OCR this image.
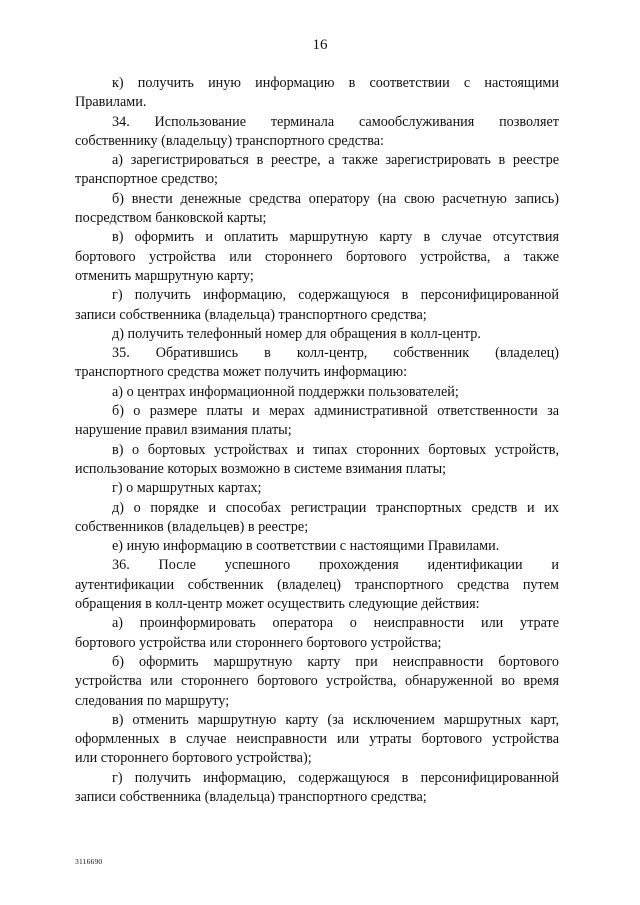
16
к) получить иную информацию в соответствии с настоящими
Правилами.
34. Использование терминала самообслуживания позволяет
собственнику (владельцу) транспортного средства:
а) зарегистрироваться в реестре, а также зарегистрировать в реестре
транспортное средство;
б) внести денежные средства оператору (на свою расчетную запись)
посредством банковской карты;
в) оформить и оплатить маршрутную карту в случае отсутствия
бортового устройства или стороннего бортового устройства, а также
отменить маршрутную карту;
г) получить информацию, содержащуюся в персонифицированной
записи собственника (владельца) транспортного средства;
д) получить телефонный номер для обращения в колл-центр.
35. Обратившись в колл-центр, собственник (владелец)
транспортного средства может получить информацию:
а) о центрах информационной поддержки пользователей;
б) о размере платы и мерах административной ответственности за
нарушение правил взимания платы;
в) о бортовых устройствах и типах сторонних бортовых устройств,
использование которых возможно в системе взимания платы;
г) о маршрутных картах;
д) о порядке и способах регистрации транспортных средств и их
собственников (владельцев) в реестре;
е) иную информацию в соответствии с настоящими Правилами.
36. После успешного прохождения идентификации и
аутентификации собственник (владелец) транспортного средства путем
обращения в колл-центр может осуществить следующие действия:
а) проинформировать оператора о неисправности или утрате
бортового устройства или стороннего бортового устройства;
б) оформить маршрутную карту при неисправности бортового
устройства или стороннего бортового устройства, обнаруженной во время
следования по маршруту;
в) отменить маршрутную карту (за исключением маршрутных карт,
оформленных в случае неисправности или утраты бортового устройства
или стороннего бортового устройства);
г) получить информацию, содержащуюся в персонифицированной
записи собственника (владельца) транспортного средства;
3116690
